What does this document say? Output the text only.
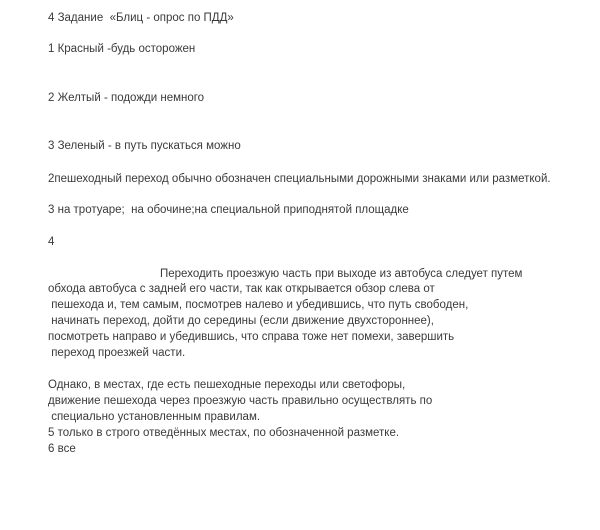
4 Задание  «Блиц - опрос по ПДД»
1 Красный -будь осторожен
2 Желтый - подожди немного
3 Зеленый - в путь пускаться можно
2пешеходный переход обычно обозначен специальными дорожными знаками или разметкой.
3 на тротуаре;  на обочине;на специальной приподнятой площадке
4
Переходить проезжую часть при выходе из автобуса следует путем
обхода автобуса с задней его части, так как открывается обзор слева от
пешехода и, тем самым, посмотрев налево и убедившись, что путь свободен,
начинать переход, дойти до середины (если движение двухстороннее),
посмотреть направо и убедившись, что справа тоже нет помехи, завершить
переход проезжей части.
Однако, в местах, где есть пешеходные переходы или светофоры,
движение пешехода через проезжую часть правильно осуществлять по
специально установленным правилам.
5 только в строго отведённых местах, по обозначенной разметке.
6 все
